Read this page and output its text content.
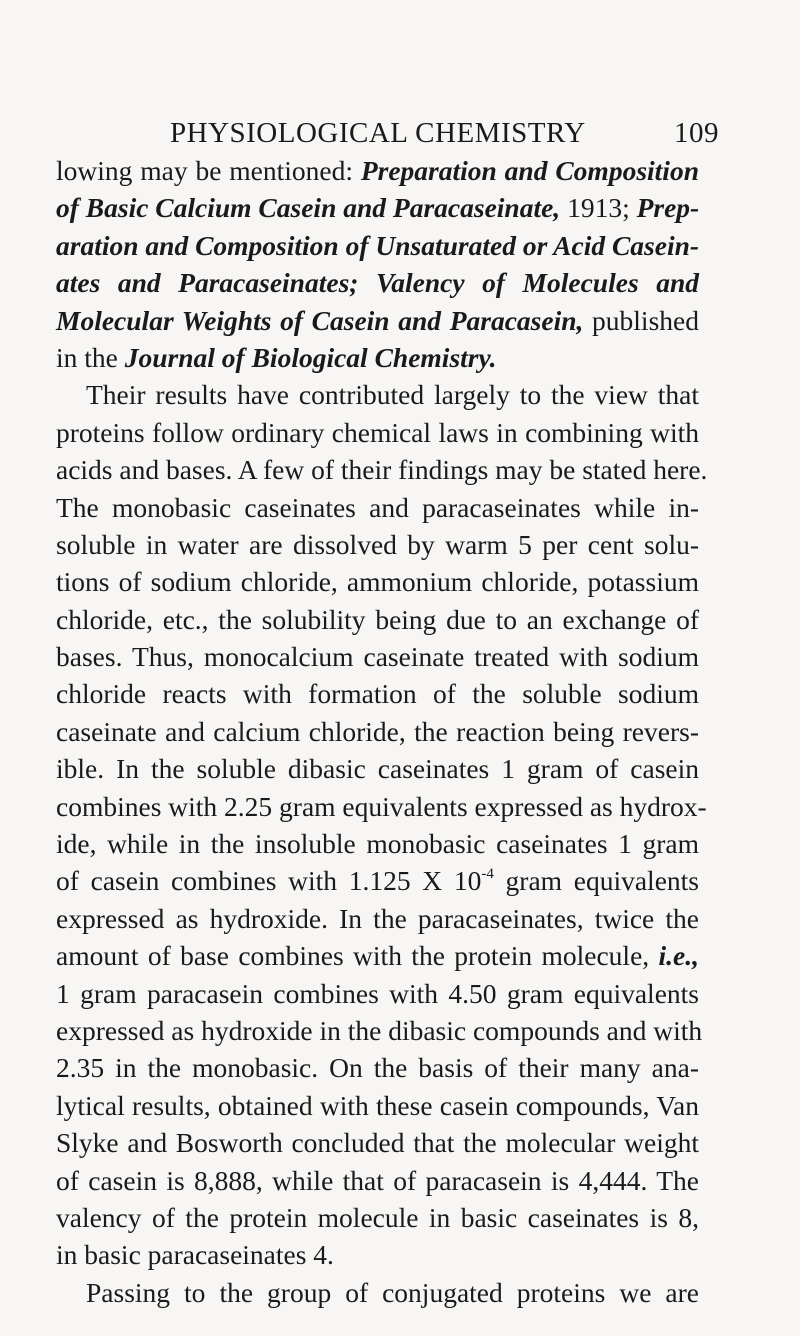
PHYSIOLOGICAL CHEMISTRY	109
lowing may be mentioned: Preparation and Composition
of Basic Calcium Casein and Paracaseinate, 1913; Prep-
aration and Composition of Unsaturated or Acid Casein-
ates and Paracaseinates; Valency of Molecules and
Molecular Weights of Casein and Paracasein, published
in the Journal of Biological Chemistry.
Their results have contributed largely to the view that
proteins follow ordinary chemical laws in combining with
acids and bases. A few of their findings may be stated here.
The monobasic caseinates and paracaseinates while in-
soluble in water are dissolved by warm 5 per cent solu-
tions of sodium chloride, ammonium chloride, potassium
chloride, etc., the solubility being due to an exchange of
bases. Thus, monocalcium caseinate treated with sodium
chloride reacts with formation of the soluble sodium
caseinate and calcium chloride, the reaction being revers-
ible. In the soluble dibasic caseinates 1 gram of casein
combines with 2.25 gram equivalents expressed as hydrox-
ide, while in the insoluble monobasic caseinates 1 gram
of casein combines with 1.125 X $10^{-4}$ gram equivalents
expressed as hydroxide. In the paracaseinates, twice the
amount of base combines with the protein molecule, i.e.,
1 gram paracasein combines with 4.50 gram equivalents
expressed as hydroxide in the dibasic compounds and with
2.35 in the monobasic. On the basis of their many ana-
lytical results, obtained with these casein compounds, Van
Slyke and Bosworth concluded that the molecular weight
of casein is 8,888, while that of paracasein is 4,444. The
valency of the protein molecule in basic caseinates is 8,
in basic paracaseinates 4.
Passing to the group of conjugated proteins we are
